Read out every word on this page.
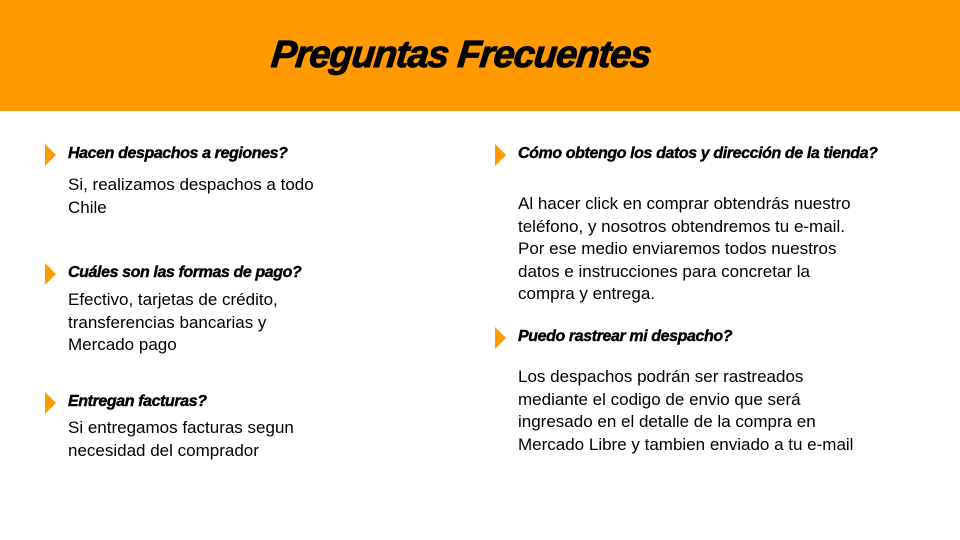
Preguntas Frecuentes
Hacen despachos a regiones?
Si, realizamos despachos a todo
Chile
Cuáles son las formas de pago?
Efectivo, tarjetas de crédito,
transferencias bancarias y
Mercado pago
Entregan facturas?
Si entregamos facturas segun
necesidad del comprador
Cómo obtengo los datos y dirección de la tienda?
Al hacer click en comprar obtendrás nuestro
teléfono, y nosotros obtendremos tu e-mail.
Por ese medio enviaremos todos nuestros
datos e instrucciones para concretar la
compra y entrega.
Puedo rastrear mi despacho?
Los despachos podrán ser rastreados
mediante el codigo de envio que será
ingresado en el detalle de la compra en
Mercado Libre y tambien enviado a tu e-mail
